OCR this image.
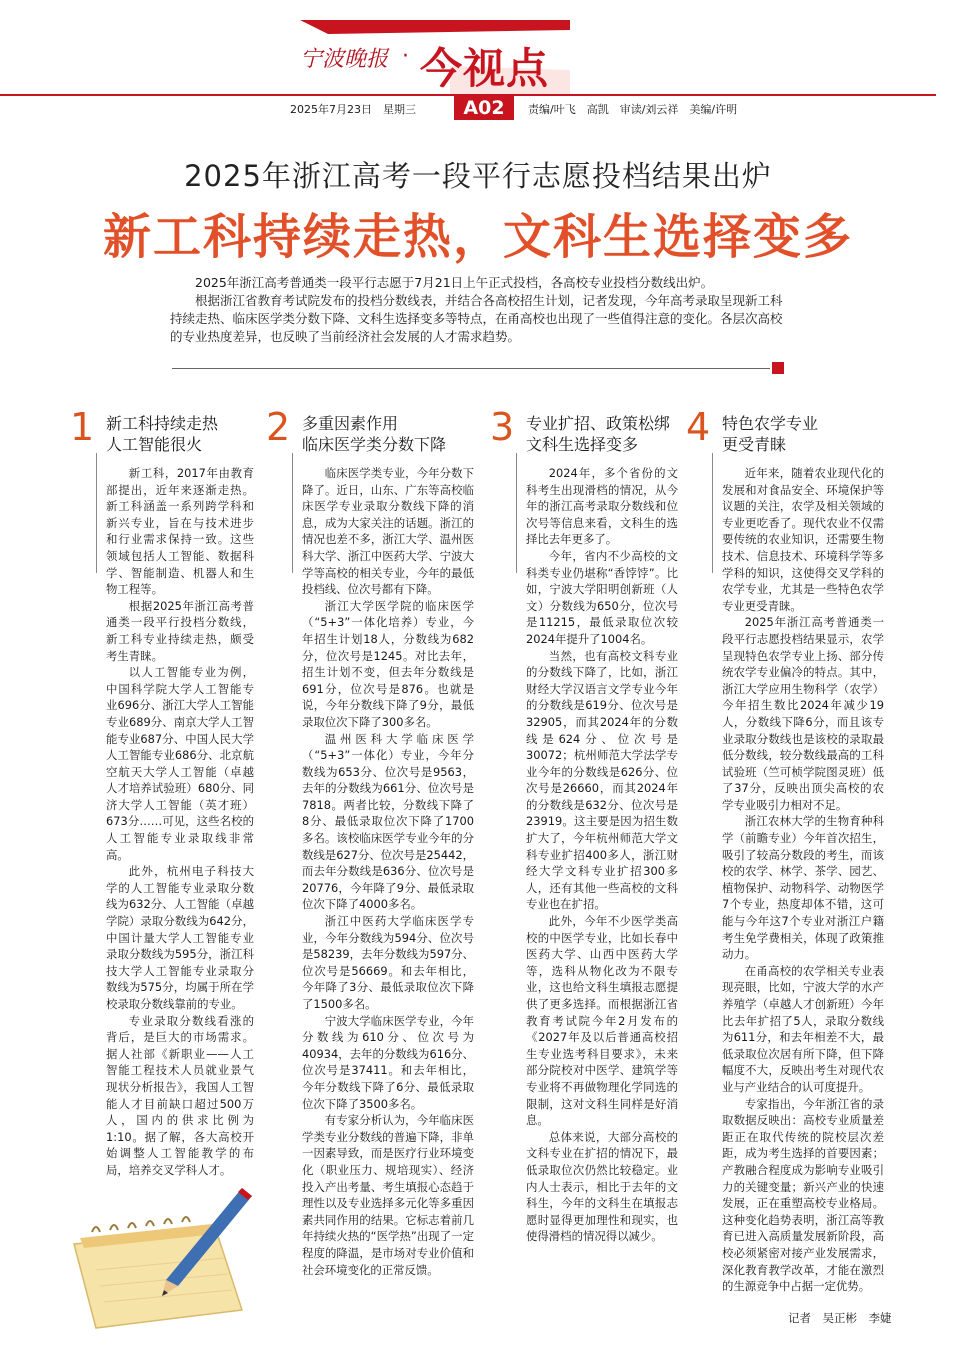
宁波晚报 · 今视点
2025年7月23日　星期三	A02	责编/叶飞　高凯　审读/刘云祥　美编/许明
2025年浙江高考一段平行志愿投档结果出炉
新工科持续走热，文科生选择变多

2025年浙江高考普通类一段平行志愿于7月21日上午正式投档，各高校专业投档分数线出炉。

根据浙江省教育考试院发布的投档分数线表，并结合各高校招生计划，记者发现，今年高考录取呈现新工科持续走热、临床医学类分数下降、文科生选择变多等特点，在甬高校也出现了一些值得注意的变化。各层次高校的专业热度差异，也反映了当前经济社会发展的人才需求趋势。

1 新工科持续走热
人工智能很火

新工科，2017年由教育部提出，近年来逐渐走热。新工科涵盖一系列跨学科和新兴专业，旨在与技术进步和行业需求保持一致。这些领域包括人工智能、数据科学、智能制造、机器人和生物工程等。

根据2025年浙江高考普通类一段平行投档分数线，新工科专业持续走热，颇受考生青睐。

以人工智能专业为例，中国科学院大学人工智能专业696分、浙江大学人工智能专业689分、南京大学人工智能专业687分、中国人民大学人工智能专业686分、北京航空航天大学人工智能（卓越人才培养试验班）680分、同济大学人工智能（英才班）673分……可见，这些名校的人工智能专业录取线非常高。

此外，杭州电子科技大学的人工智能专业录取分数线为632分、人工智能（卓越学院）录取分数线为642分，中国计量大学人工智能专业录取分数线为595分，浙江科技大学人工智能专业录取分数线为575分，均属于所在学校录取分数线靠前的专业。

专业录取分数线看涨的背后，是巨大的市场需求。据人社部《新职业——人工智能工程技术人员就业景气现状分析报告》，我国人工智能人才目前缺口超过500万人，国内的供求比例为1:10。据了解，各大高校开始调整人工智能教学的布局，培养交叉学科人才。

2 多重因素作用
临床医学类分数下降

临床医学类专业，今年分数下降了。近日，山东、广东等高校临床医学专业录取分数线下降的消息，成为大家关注的话题。浙江的情况也差不多，浙江大学、温州医科大学、浙江中医药大学、宁波大学等高校的相关专业，今年的最低投档线、位次号都有下降。

浙江大学医学院的临床医学（“5+3”一体化培养）专业，今年招生计划18人，分数线为682分，位次号是1245。对比去年，招生计划不变，但去年分数线是691分，位次号是876。也就是说，今年分数线下降了9分，最低录取位次下降了300多名。

温州医科大学临床医学（“5+3”一体化）专业，今年分数线为653分、位次号是9563，去年的分数线为661分、位次号是7818。两者比较，分数线下降了8分、最低录取位次下降了1700多名。该校临床医学专业今年的分数线是627分、位次号是25442，而去年分数线是636分、位次号是20776，今年降了9分、最低录取位次下降了4000多名。

浙江中医药大学临床医学专业，今年分数线为594分、位次号是58239，去年分数线为597分、位次号是56669。和去年相比，今年降了3分、最低录取位次下降了1500多名。

宁波大学临床医学专业，今年分数线为610分、位次号为40934，去年的分数线为616分、位次号是37411。和去年相比，今年分数线下降了6分、最低录取位次下降了3500多名。

有专家分析认为，今年临床医学类专业分数线的普遍下降，非单一因素导致，而是医疗行业环境变化（职业压力、规培现实）、经济投入产出考量、考生填报心态趋于理性以及专业选择多元化等多重因素共同作用的结果。它标志着前几年持续火热的“医学热”出现了一定程度的降温，是市场对专业价值和社会环境变化的正常反馈。

3 专业扩招、政策松绑
文科生选择变多

2024年，多个省份的文科考生出现滑档的情况，从今年的浙江高考录取分数线和位次号等信息来看，文科生的选择比去年更多了。

今年，省内不少高校的文科类专业仍堪称“香饽饽”。比如，宁波大学阳明创新班（人文）分数线为650分，位次号是11215，最低录取位次较2024年提升了1004名。

当然，也有高校文科专业的分数线下降了，比如，浙江财经大学汉语言文学专业今年的分数线是619分、位次号是32905，而其2024年的分数线是624分、位次号是30072；杭州师范大学法学专业今年的分数线是626分、位次号是26660，而其2024年的分数线是632分、位次号是23919。这主要是因为招生数扩大了，今年杭州师范大学文科专业扩招400多人，浙江财经大学文科专业扩招300多人，还有其他一些高校的文科专业也在扩招。

此外，今年不少医学类高校的中医学专业，比如长春中医药大学、山西中医药大学等，选科从物化改为不限专业，这也给文科生填报志愿提供了更多选择。而根据浙江省教育考试院今年2月发布的《2027年及以后普通高校招生专业选考科目要求》，未来部分院校对中医学、建筑学等专业将不再做物理化学同选的限制，这对文科生同样是好消息。

总体来说，大部分高校的文科专业在扩招的情况下，最低录取位次仍然比较稳定。业内人士表示，相比于去年的文科生，今年的文科生在填报志愿时显得更加理性和现实，也使得滑档的情况得以减少。

4 特色农学专业
更受青睐

近年来，随着农业现代化的发展和对食品安全、环境保护等议题的关注，农学及相关领域的专业更吃香了。现代农业不仅需要传统的农业知识，还需要生物技术、信息技术、环境科学等多学科的知识，这使得交叉学科的农学专业，尤其是一些特色农学专业更受青睐。

2025年浙江高考普通类一段平行志愿投档结果显示，农学呈现特色农学专业上扬、部分传统农学专业偏冷的特点。其中，浙江大学应用生物科学（农学）今年招生数比2024年减少19人，分数线下降6分，而且该专业录取分数线也是该校的录取最低分数线，较分数线最高的工科试验班（竺可桢学院图灵班）低了37分，反映出顶尖高校的农学专业吸引力相对不足。

浙江农林大学的生物育种科学（前瞻专业）今年首次招生，吸引了较高分数段的考生，而该校的农学、林学、茶学、园艺、植物保护、动物科学、动物医学7个专业，热度却体不错，这可能与今年这7个专业对浙江户籍考生免学费相关，体现了政策推动力。

在甬高校的农学相关专业表现亮眼，比如，宁波大学的水产养殖学（卓越人才创新班）今年比去年扩招了5人，录取分数线为611分，和去年相差不大，最低录取位次居有所下降，但下降幅度不大，反映出考生对现代农业与产业结合的认可度提升。

专家指出，今年浙江省的录取数据反映出：高校专业质量差距正在取代传统的院校层次差距，成为考生选择的首要因素；产教融合程度成为影响专业吸引力的关键变量；新兴产业的快速发展，正在重塑高校专业格局。这种变化趋势表明，浙江高等教育已进入高质量发展新阶段，高校必须紧密对接产业发展需求，深化教育教学改革，才能在激烈的生源竞争中占据一定优势。

记者　吴正彬　李婕
